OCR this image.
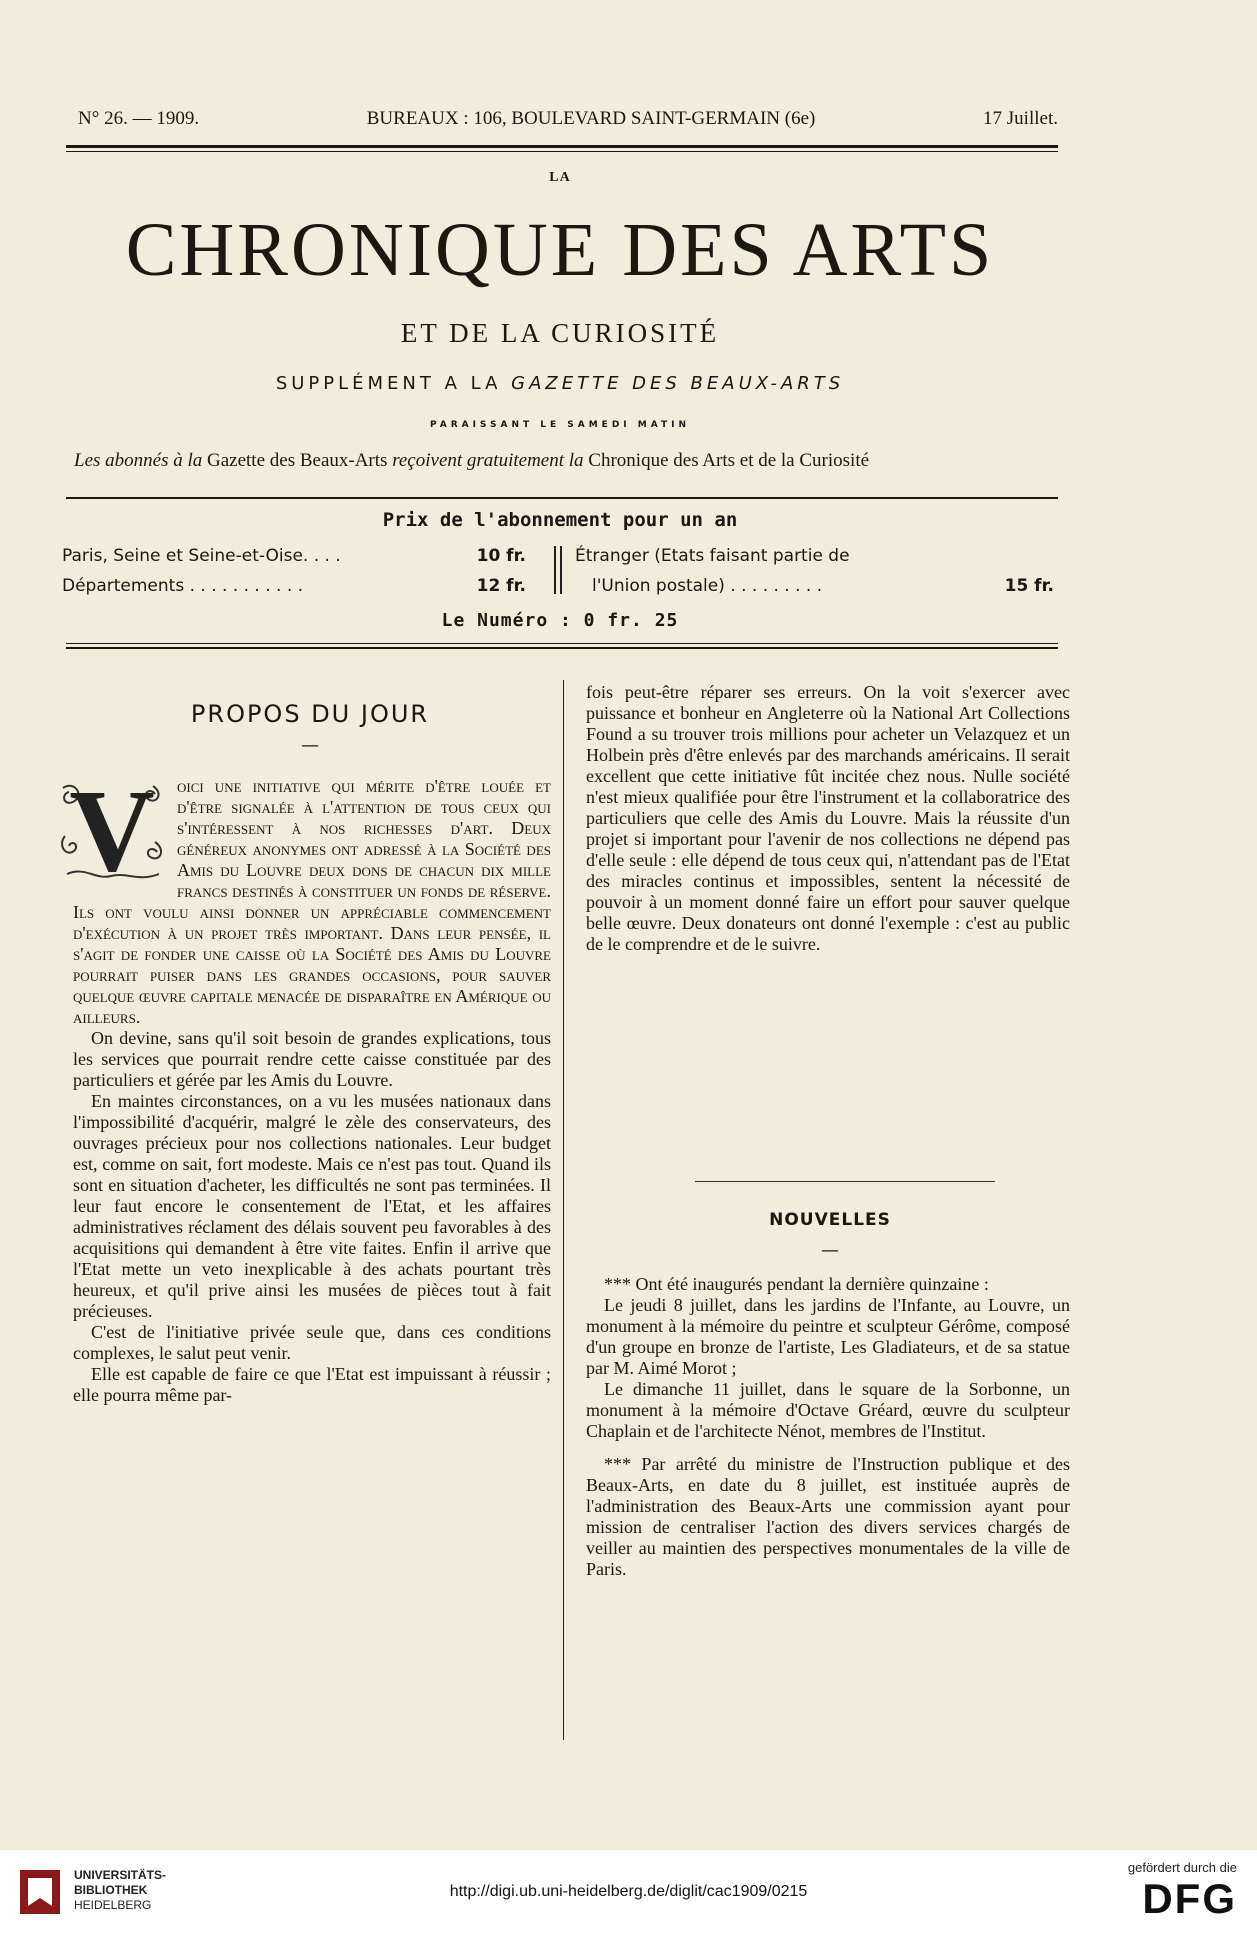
N° 26. — 1909.	BUREAUX : 106, BOULEVARD SAINT-GERMAIN (6e)	17 Juillet.
LA
CHRONIQUE DES ARTS
ET DE LA CURIOSITÉ
SUPPLÉMENT A LA GAZETTE DES BEAUX-ARTS
PARAISSANT LE SAMEDI MATIN
Les abonnés à la Gazette des Beaux-Arts reçoivent gratuitement la Chronique des Arts et de la Curiosité
Prix de l'abonnement pour un an
Paris, Seine et Seine-et-Oise. . . .	10 fr.
Départements . . . . . . . . . . .	12 fr.
Étranger (Etats faisant partie de
l'Union postale) . . . . . . . . .	15 fr.
Le Numéro : 0 fr. 25
PROPOS DU JOUR
—

V	oici une initiative qui mérite d'être louée et d'être signalée à l'attention de tous ceux qui s'intéressent à nos richesses d'art. Deux généreux anonymes ont adressé à la Société des Amis du Louvre deux dons de chacun dix mille francs destinés à constituer un fonds de réserve. Ils ont voulu ainsi donner un appréciable commencement d'exécution à un projet très important. Dans leur pensée, il s'agit de fonder une caisse où la Société des Amis du Louvre pourrait puiser dans les grandes occasions, pour sauver quelque œuvre capitale menacée de disparaître en Amérique ou ailleurs.

On devine, sans qu'il soit besoin de grandes explications, tous les services que pourrait rendre cette caisse constituée par des particuliers et gérée par les Amis du Louvre.

En maintes circonstances, on a vu les musées nationaux dans l'impossibilité d'acquérir, malgré le zèle des conservateurs, des ouvrages précieux pour nos collections nationales. Leur budget est, comme on sait, fort modeste. Mais ce n'est pas tout. Quand ils sont en situation d'acheter, les difficultés ne sont pas terminées. Il leur faut encore le consentement de l'Etat, et les affaires administratives réclament des délais souvent peu favorables à des acquisitions qui demandent à être vite faites. Enfin il arrive que l'Etat mette un veto inexplicable à des achats pourtant très heureux, et qu'il prive ainsi les musées de pièces tout à fait précieuses.

C'est de l'initiative privée seule que, dans ces conditions complexes, le salut peut venir.

Elle est capable de faire ce que l'Etat est impuissant à réussir ; elle pourra même par-

fois peut-être réparer ses erreurs. On la voit s'exercer avec puissance et bonheur en Angleterre où la National Art Collections Found a su trouver trois millions pour acheter un Velazquez et un Holbein près d'être enlevés par des marchands américains. Il serait excellent que cette initiative fût incitée chez nous. Nulle société n'est mieux qualifiée pour être l'instrument et la collaboratrice des particuliers que celle des Amis du Louvre. Mais la réussite d'un projet si important pour l'avenir de nos collections ne dépend pas d'elle seule : elle dépend de tous ceux qui, n'attendant pas de l'Etat des miracles continus et impossibles, sentent la nécessité de pouvoir à un moment donné faire un effort pour sauver quelque belle œuvre. Deux donateurs ont donné l'exemple : c'est au public de le comprendre et de le suivre.

NOUVELLES
—

*** Ont été inaugurés pendant la dernière quinzaine :

Le jeudi 8 juillet, dans les jardins de l'Infante, au Louvre, un monument à la mémoire du peintre et sculpteur Gérôme, composé d'un groupe en bronze de l'artiste, Les Gladiateurs, et de sa statue par M. Aimé Morot ;

Le dimanche 11 juillet, dans le square de la Sorbonne, un monument à la mémoire d'Octave Gréard, œuvre du sculpteur Chaplain et de l'architecte Nénot, membres de l'Institut.

*** Par arrêté du ministre de l'Instruction publique et des Beaux-Arts, en date du 8 juillet, est instituée auprès de l'administration des Beaux-Arts une commission ayant pour mission de centraliser l'action des divers services chargés de veiller au maintien des perspectives monumentales de la ville de Paris.

UNIVERSITÄTS-
BIBLIOTHEK
HEIDELBERG
http://digi.ub.uni-heidelberg.de/diglit/cac1909/0215
gefördert durch die
DFG
